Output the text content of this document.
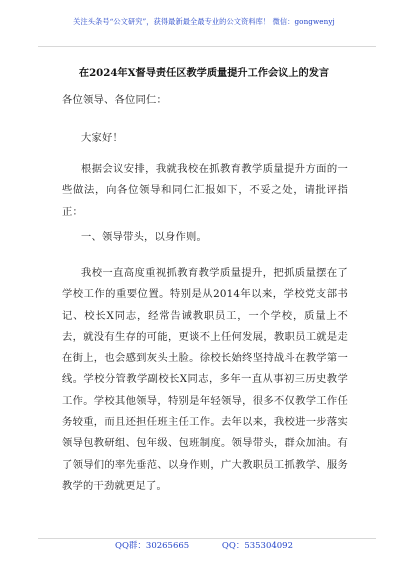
关注头条号“公文研究”，获得最新最全最专业的公文资料库！ 微信：gongwenyj
在2024年X督导责任区教学质量提升工作会议上的发言
各位领导、各位同仁：
大家好！
根据会议安排，我就我校在抓教育教学质量提升方面的一些做法，向各位领导和同仁汇报如下，不妥之处，请批评指正：
一、领导带头，以身作则。
我校一直高度重视抓教育教学质量提升，把抓质量摆在了学校工作的重要位置。特别是从2014年以来，学校党支部书记、校长X同志，经常告诫教职员工，一个学校，质量上不去，就没有生存的可能，更谈不上任何发展，教职员工就是走在街上，也会感到灰头土脸。徐校长始终坚持战斗在教学第一线。学校分管教学副校长X同志，多年一直从事初三历史教学工作。学校其他领导，特别是年轻领导，很多不仅教学工作任务较重，而且还担任班主任工作。去年以来，我校进一步落实领导包教研组、包年级、包班制度。领导带头，群众加油。有了领导们的率先垂范、以身作则，广大教职员工抓教学、服务教学的干劲就更足了。
QQ群：30265665	QQ：535304092
